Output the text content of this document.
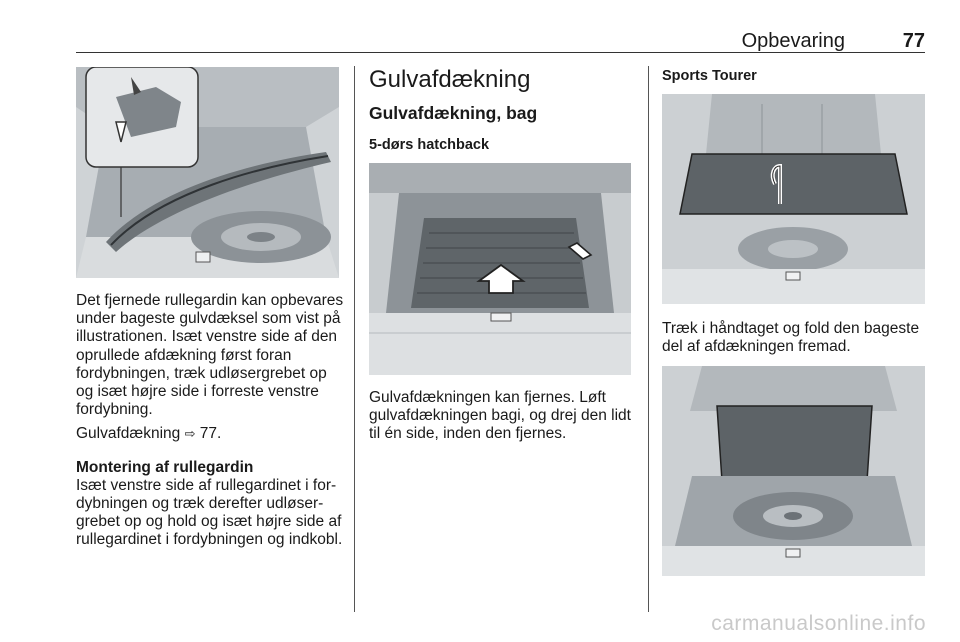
Opbevaring	77

Det fjernede rullegardin kan opbevares under bageste gulvdæksel som vist på illustrationen. Isæt venstre side af den oprullede afdækning først foran fordybningen, træk udløsergrebet op og isæt højre side i forreste venstre fordybning.

Gulvafdækning ⇨ 77.

Montering af rullegardin

Isæt venstre side af rullegardinet i fordybningen og træk derefter udløsergrebet op og hold og isæt højre side af rullegardinet i fordybningen og indkobl.

Gulvafdækning
Gulvafdækning, bag
5-dørs hatchback

Gulvafdækningen kan fjernes. Løft gulvafdækningen bagi, og drej den lidt til én side, inden den fjernes.

Sports Tourer

Træk i håndtaget og fold den bageste del af afdækningen fremad.

carmanualsonline.info
